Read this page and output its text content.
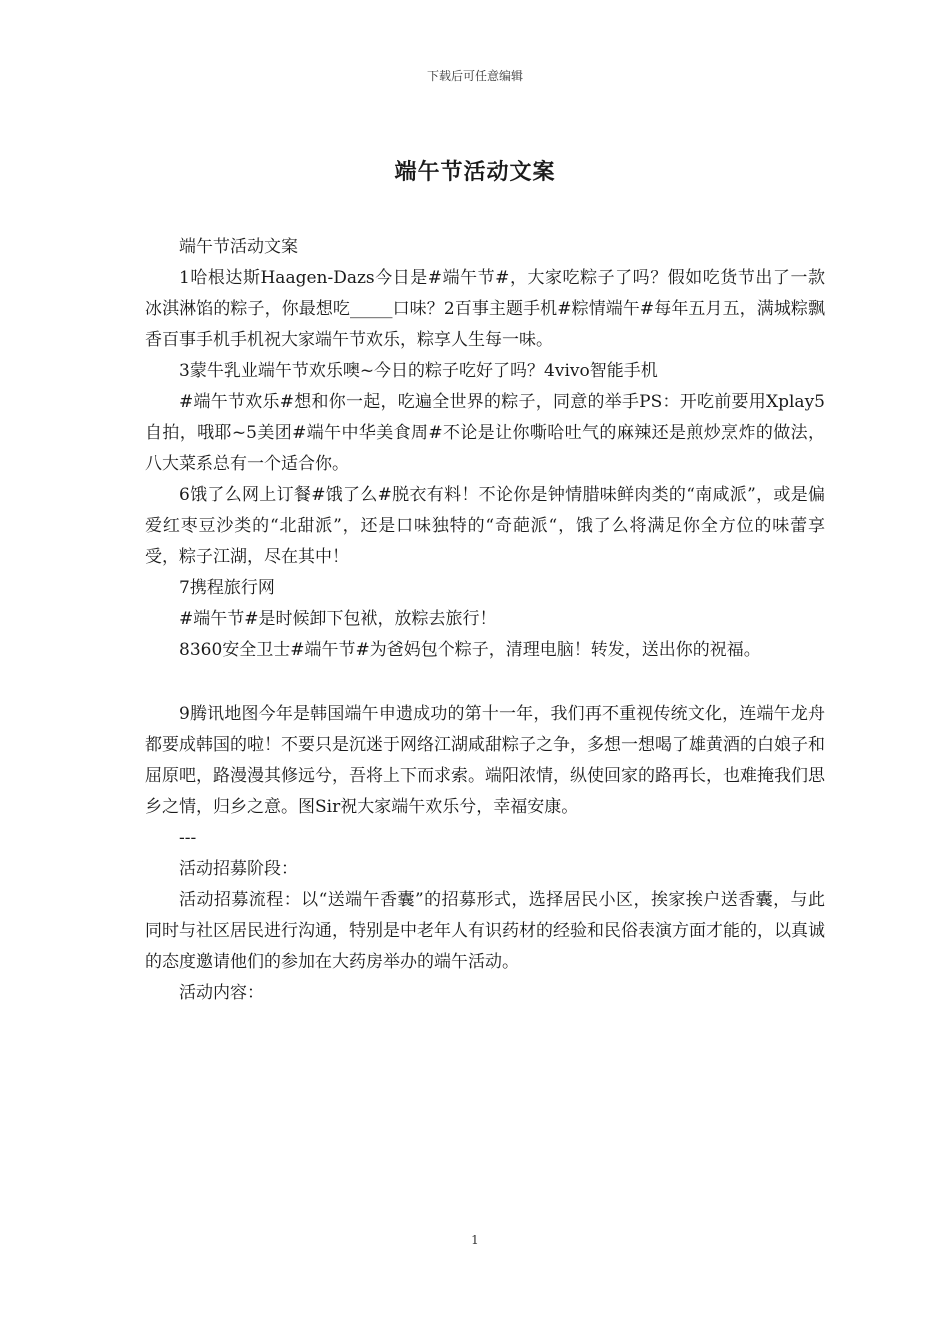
下载后可任意编辑
端午节活动文案

端午节活动文案

1哈根达斯Haagen-Dazs今日是#端午节#，大家吃粽子了吗？假如吃货节出了一款冰淇淋馅的粽子，你最想吃_____口味？2百事主题手机#粽情端午#每年五月五，满城粽飘香百事手机手机祝大家端午节欢乐，粽享人生每一味。

3蒙牛乳业端午节欢乐噢~今日的粽子吃好了吗？4vivo智能手机

#端午节欢乐#想和你一起，吃遍全世界的粽子，同意的举手PS：开吃前要用Xplay5自拍，哦耶~5美团#端午中华美食周#不论是让你嘶哈吐气的麻辣还是煎炒烹炸的做法，八大菜系总有一个适合你。

6饿了么网上订餐#饿了么#脱衣有料！不论你是钟情腊味鲜肉类的“南咸派”，或是偏爱红枣豆沙类的“北甜派”，还是口味独特的“奇葩派“，饿了么将满足你全方位的味蕾享受，粽子江湖，尽在其中！

7携程旅行网

#端午节#是时候卸下包袱，放粽去旅行！

8360安全卫士#端午节#为爸妈包个粽子，清理电脑！转发，送出你的祝福。

9腾讯地图今年是韩国端午申遗成功的第十一年，我们再不重视传统文化，连端午龙舟都要成韩国的啦！不要只是沉迷于网络江湖咸甜粽子之争，多想一想喝了雄黄酒的白娘子和屈原吧，路漫漫其修远兮，吾将上下而求索。端阳浓情，纵使回家的路再长，也难掩我们思乡之情，归乡之意。图Sir祝大家端午欢乐兮，幸福安康。

---

活动招募阶段：

活动招募流程：以“送端午香囊”的招募形式，选择居民小区，挨家挨户送香囊，与此同时与社区居民进行沟通，特别是中老年人有识药材的经验和民俗表演方面才能的，以真诚的态度邀请他们的参加在大药房举办的端午活动。

活动内容：

1
